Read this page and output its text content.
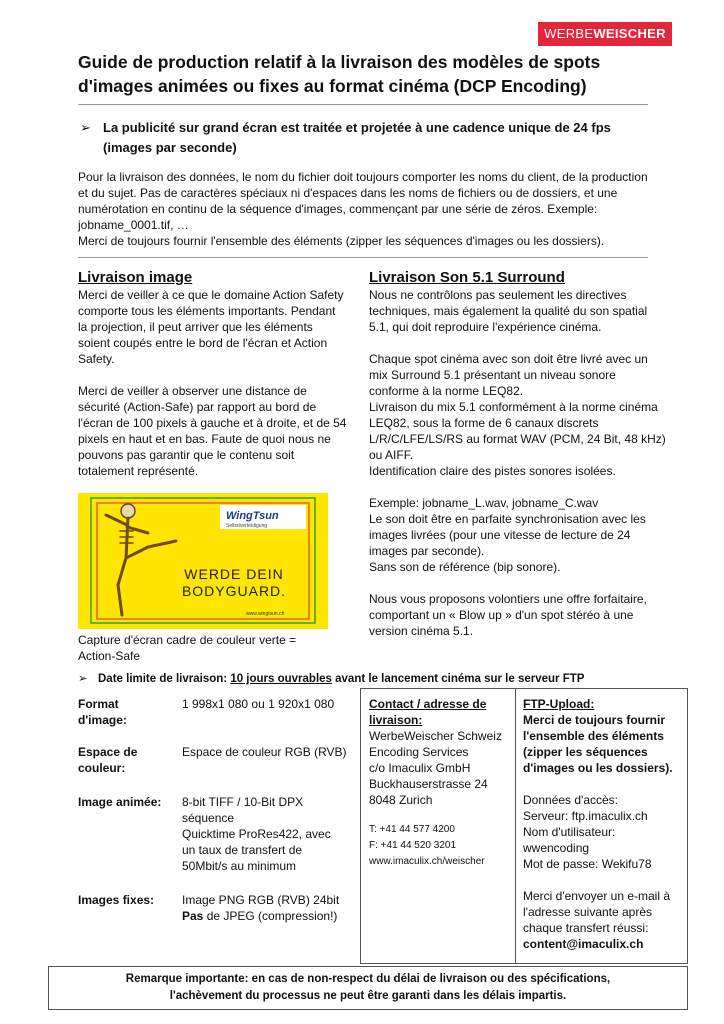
WERBEWEISCHER
Guide de production relatif à la livraison des modèles de spots d'images animées ou fixes au format cinéma (DCP Encoding)
➢ La publicité sur grand écran est traitée et projetée à une cadence unique de 24 fps (images par seconde)

Pour la livraison des données, le nom du fichier doit toujours comporter les noms du client, de la production et du sujet. Pas de caractères spéciaux ni d'espaces dans les noms de fichiers ou de dossiers, et une numérotation en continu de la séquence d'images, commençant par une série de zéros. Exemple: jobname_0001.tif, …

Merci de toujours fournir l'ensemble des éléments (zipper les séquences d'images ou les dossiers).

Livraison image

Merci de veiller à ce que le domaine Action Safety comporte tous les éléments importants. Pendant la projection, il peut arriver que les éléments soient coupés entre le bord de l'écran et Action Safety.

Merci de veiller à observer une distance de sécurité (Action-Safe) par rapport au bord de l'écran de 100 pixels à gauche et à droite, et de 54 pixels en haut et en bas. Faute de quoi nous ne pouvons pas garantir que le contenu soit totalement représenté.

WingTsun
Selbstverteidigung
WERDE DEIN
BODYGUARD.
www.wingtsun.ch
Capture d'écran cadre de couleur verte = Action-Safe
Livraison Son 5.1 Surround

Nous ne contrôlons pas seulement les directives techniques, mais également la qualité du son spatial 5.1, qui doit reproduire l'expérience cinéma.

Chaque spot cinéma avec son doit être livré avec un mix Surround 5.1 présentant un niveau sonore conforme à la norme LEQ82.

Livraison du mix 5.1 conformément à la norme cinéma LEQ82, sous la forme de 6 canaux discrets L/R/C/LFE/LS/RS au format WAV (PCM, 24 Bit, 48 kHz) ou AIFF.

Identification claire des pistes sonores isolées.

Exemple: jobname_L.wav, jobname_C.wav

Le son doit être en parfaite synchronisation avec les images livrées (pour une vitesse de lecture de 24 images par seconde).

Sans son de référence (bip sonore).

Nous vous proposons volontiers une offre forfaitaire, comportant un « Blow up » d'un spot stéréo à une version cinéma 5.1.

➢ Date limite de livraison: 10 jours ouvrables avant le lancement cinéma sur le serveur FTP
Format d'image:
1 998x1 080 ou 1 920x1 080
Espace de couleur:
Espace de couleur RGB (RVB)
Image animée:	8-bit TIFF / 10-Bit DPX séquence
Quicktime ProRes422, avec un taux de transfert de 50Mbit/s au minimum
Images fixes:	Image PNG RGB (RVB) 24bit
Pas de JPEG (compression!)
Contact / adresse de livraison:
WerbeWeischer Schweiz
Encoding Services
c/o Imaculix GmbH
Buckhauserstrasse 24
8048 Zurich
T: +41 44 577 4200
F: +41 44 520 3201
www.imaculix.ch/weischer
FTP-Upload:
Merci de toujours fournir l'ensemble des éléments (zipper les séquences d'images ou les dossiers).
Données d'accès:
Serveur: ftp.imaculix.ch
Nom d'utilisateur: wwencoding
Mot de passe: Wekifu78
Merci d'envoyer un e-mail à l'adresse suivante après chaque transfert réussi:
content@imaculix.ch
Remarque importante: en cas de non-respect du délai de livraison ou des spécifications,
l'achèvement du processus ne peut être garanti dans les délais impartis.
